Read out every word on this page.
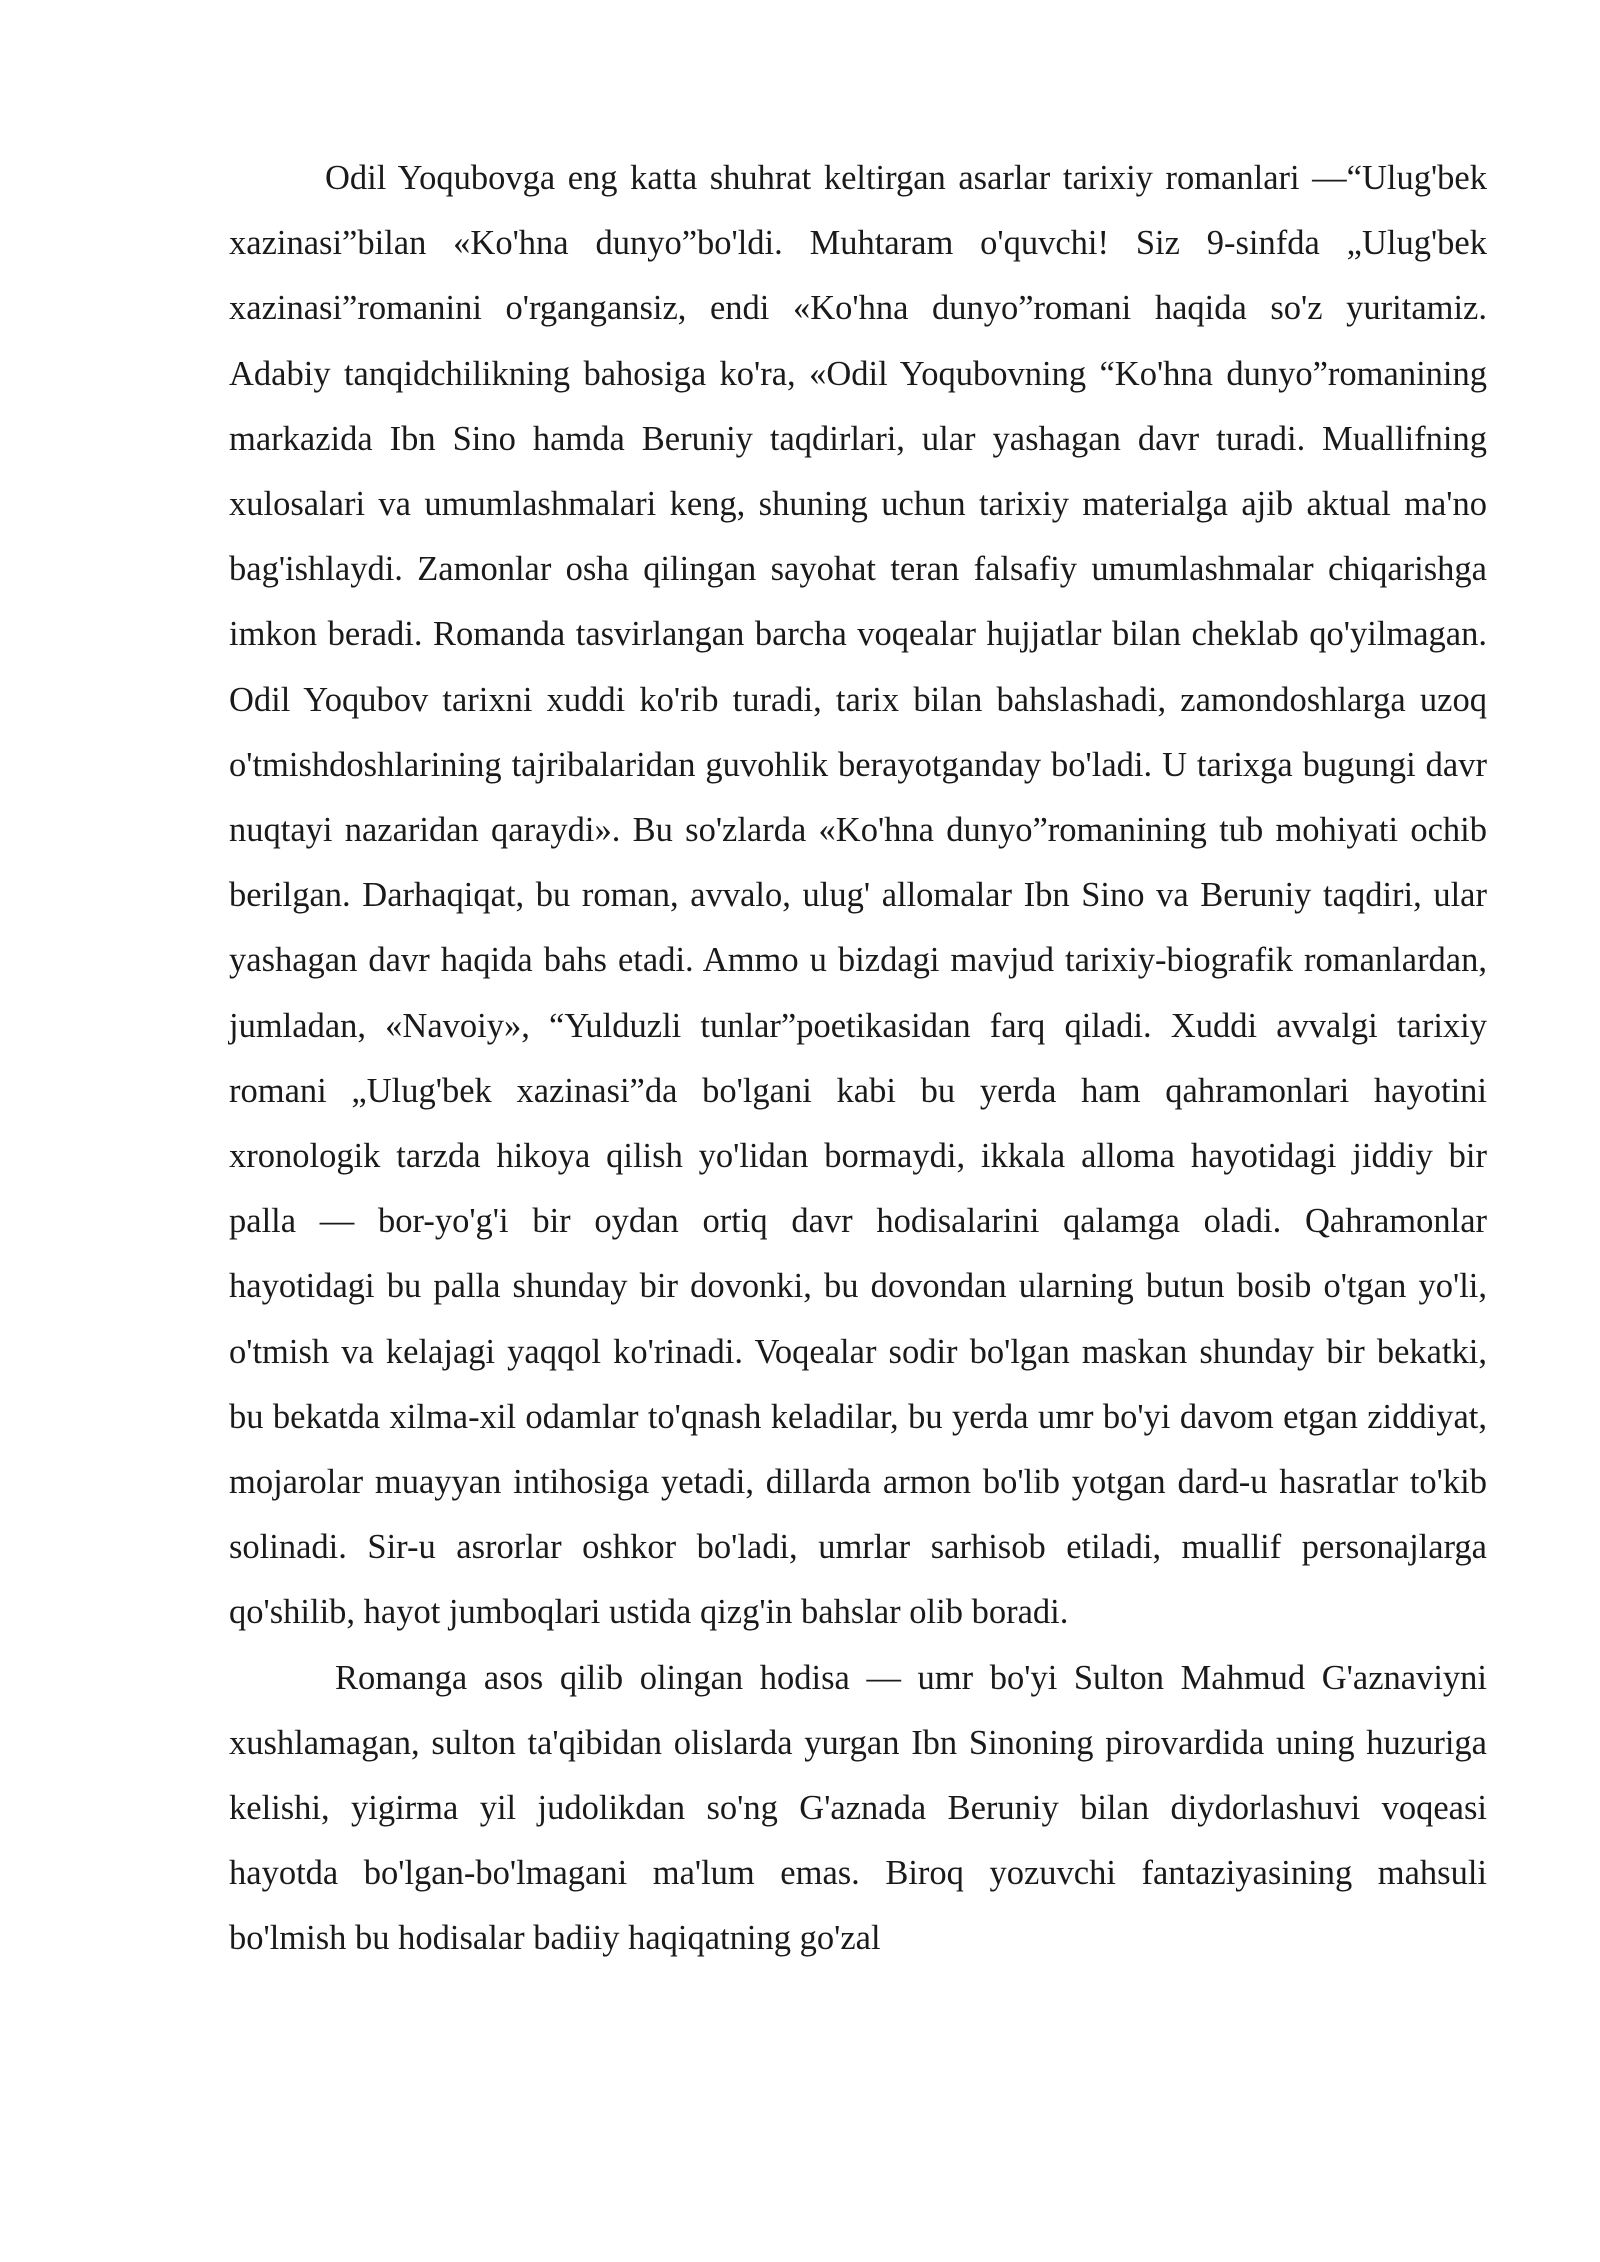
Odil Yoqubovga eng katta shuhrat keltirgan asarlar tarixiy romanlari —“Ulug'bek xazinasi”bilan «Ko'hna dunyo”bo'ldi. Muhtaram o'quvchi! Siz 9-sinfda „Ulug'bek xazinasi”romanini o'rgangansiz, endi «Ko'hna dunyo”romani haqida so'z yuritamiz. Adabiy tanqidchilikning bahosiga ko'ra, «Odil Yoqubovning “Ko'hna dunyo”romanining markazida Ibn Sino hamda Beruniy taqdirlari, ular yashagan davr turadi. Muallifning xulosalari va umumlashmalari keng, shuning uchun tarixiy materialga ajib aktual ma'no bag'ishlaydi. Zamonlar osha qilingan sayohat teran falsafiy umumlashmalar chiqarishga imkon beradi. Romanda tasvirlangan barcha voqealar hujjatlar bilan cheklab qo'yilmagan. Odil Yoqubov tarixni xuddi ko'rib turadi, tarix bilan bahslashadi, zamondoshlarga uzoq o'tmishdoshlarining tajribalaridan guvohlik berayotganday bo'ladi. U tarixga bugungi davr nuqtayi nazaridan qaraydi». Bu so'zlarda «Ko'hna dunyo”romanining tub mohiyati ochib berilgan. Darhaqiqat, bu roman, avvalo, ulug' allomalar Ibn Sino va Beruniy taqdiri, ular yashagan davr haqida bahs etadi. Ammo u bizdagi mavjud tarixiy-biografik romanlardan, jumladan, «Navoiy», “Yulduzli tunlar”poetikasidan farq qiladi. Xuddi avvalgi tarixiy romani „Ulug'bek xazinasi”da bo'lgani kabi bu yerda ham qahramonlari hayotini xronologik tarzda hikoya qilish yo'lidan bormaydi, ikkala alloma hayotidagi jiddiy bir palla — bor-yo'g'i bir oydan ortiq davr hodisalarini qalamga oladi. Qahramonlar hayotidagi bu palla shunday bir dovonki, bu dovondan ularning butun bosib o'tgan yo'li, o'tmish va kelajagi yaqqol ko'rinadi. Voqealar sodir bo'lgan maskan shunday bir bekatki, bu bekatda xilma-xil odamlar to'qnash keladilar, bu yerda umr bo'yi davom etgan ziddiyat, mojarolar muayyan intihosiga yetadi, dillarda armon bo'lib yotgan dard-u hasratlar to'kib solinadi. Sir-u asrorlar oshkor bo'ladi, umrlar sarhisob etiladi, muallif personajlarga qo'shilib, hayot jumboqlari ustida qizg'in bahslar olib boradi.

Romanga asos qilib olingan hodisa — umr bo'yi Sulton Mahmud G'aznaviyni xushlamagan, sulton ta'qibidan olislarda yurgan Ibn Sinoning pirovardida uning huzuriga kelishi, yigirma yil judolikdan so'ng G'aznada Beruniy bilan diydorlashuvi voqeasi hayotda bo'lgan-bo'lmagani ma'lum emas. Biroq yozuvchi fantaziyasining mahsuli bo'lmish bu hodisalar badiiy haqiqatning go'zal
